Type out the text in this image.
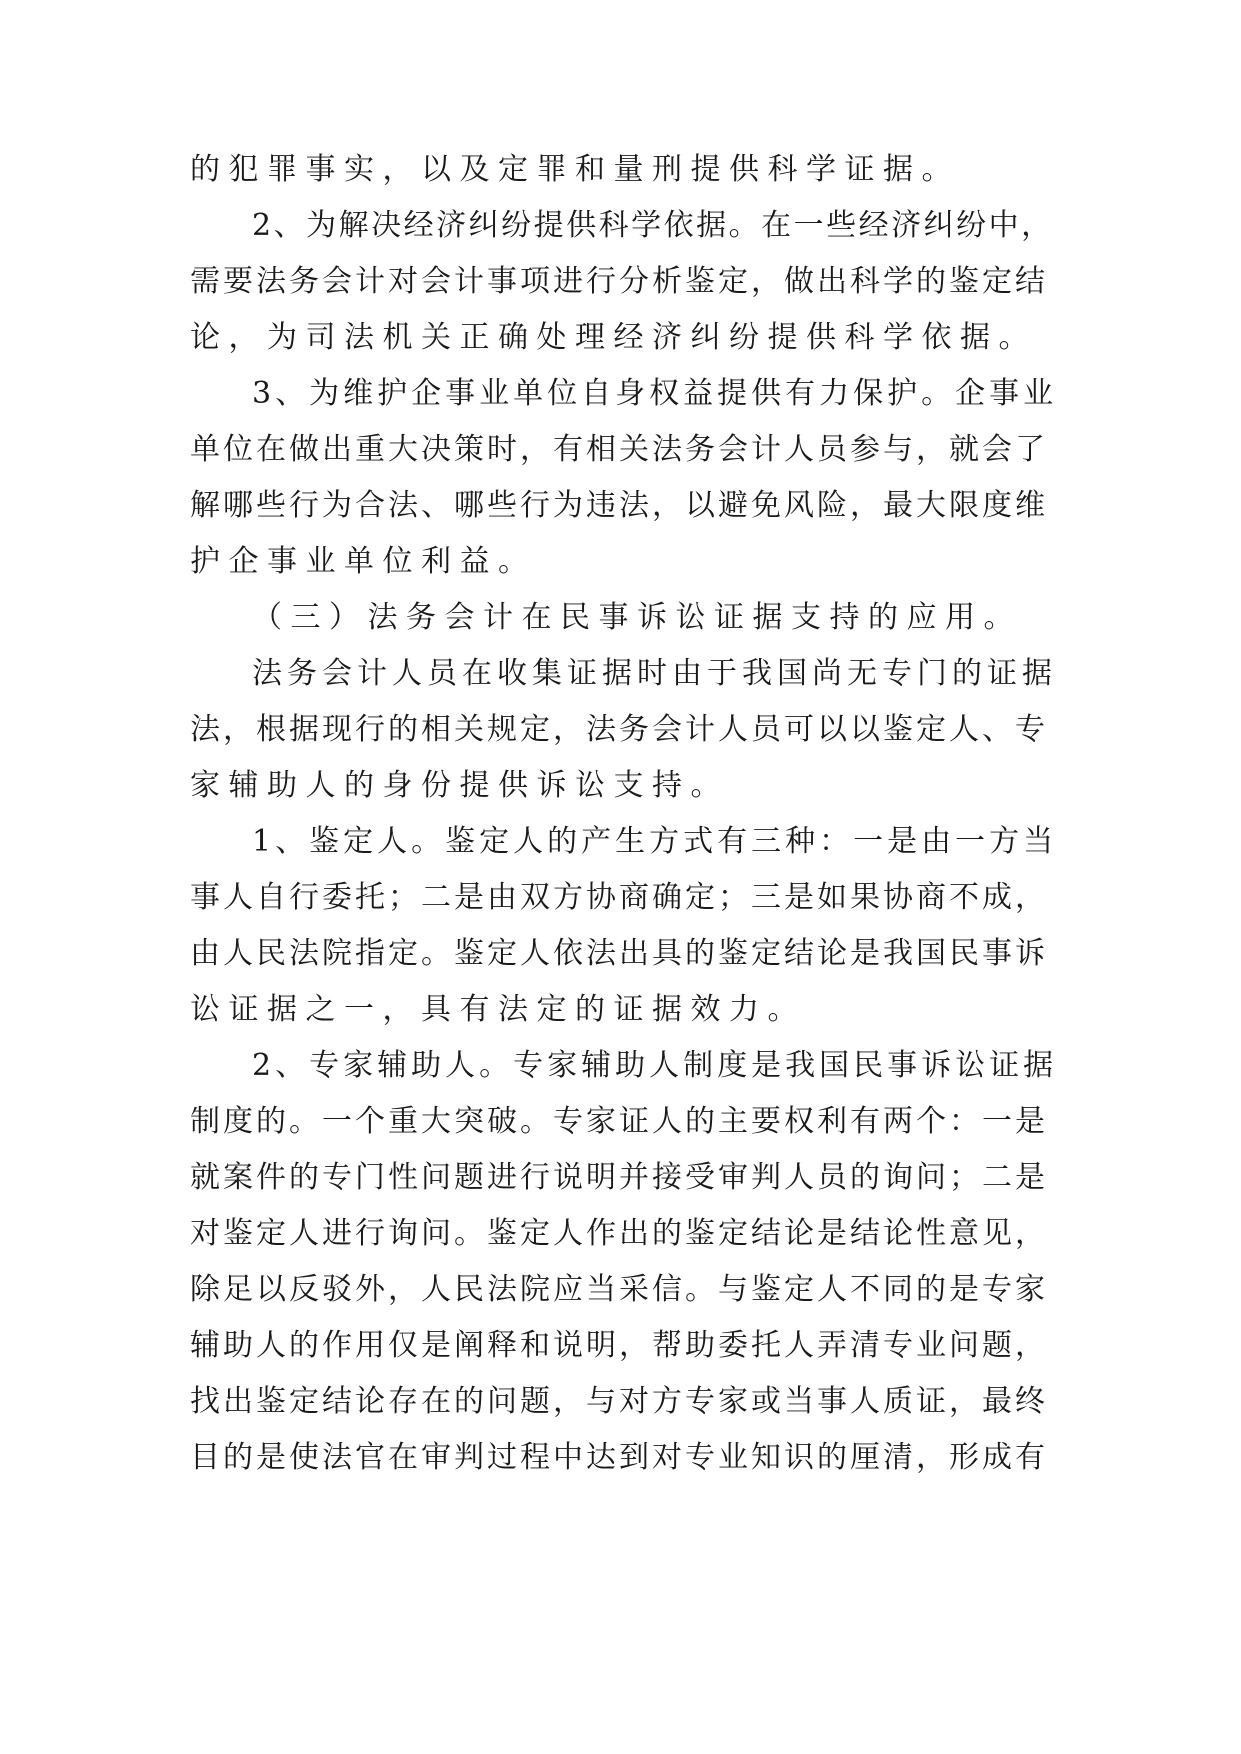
的犯罪事实，以及定罪和量刑提供科学证据。
2、为解决经济纠纷提供科学依据。在一些经济纠纷中，
需要法务会计对会计事项进行分析鉴定，做出科学的鉴定结
论，为司法机关正确处理经济纠纷提供科学依据。
3、为维护企事业单位自身权益提供有力保护。企事业
单位在做出重大决策时，有相关法务会计人员参与，就会了
解哪些行为合法、哪些行为违法，以避免风险，最大限度维
护企事业单位利益。
（三）法务会计在民事诉讼证据支持的应用。
法务会计人员在收集证据时由于我国尚无专门的证据
法，根据现行的相关规定，法务会计人员可以以鉴定人、专
家辅助人的身份提供诉讼支持。
1、鉴定人。鉴定人的产生方式有三种：一是由一方当
事人自行委托；二是由双方协商确定；三是如果协商不成，
由人民法院指定。鉴定人依法出具的鉴定结论是我国民事诉
讼证据之一，具有法定的证据效力。
2、专家辅助人。专家辅助人制度是我国民事诉讼证据
制度的。一个重大突破。专家证人的主要权利有两个：一是
就案件的专门性问题进行说明并接受审判人员的询问；二是
对鉴定人进行询问。鉴定人作出的鉴定结论是结论性意见，
除足以反驳外，人民法院应当采信。与鉴定人不同的是专家
辅助人的作用仅是阐释和说明，帮助委托人弄清专业问题，
找出鉴定结论存在的问题，与对方专家或当事人质证，最终
目的是使法官在审判过程中达到对专业知识的厘清，形成有
